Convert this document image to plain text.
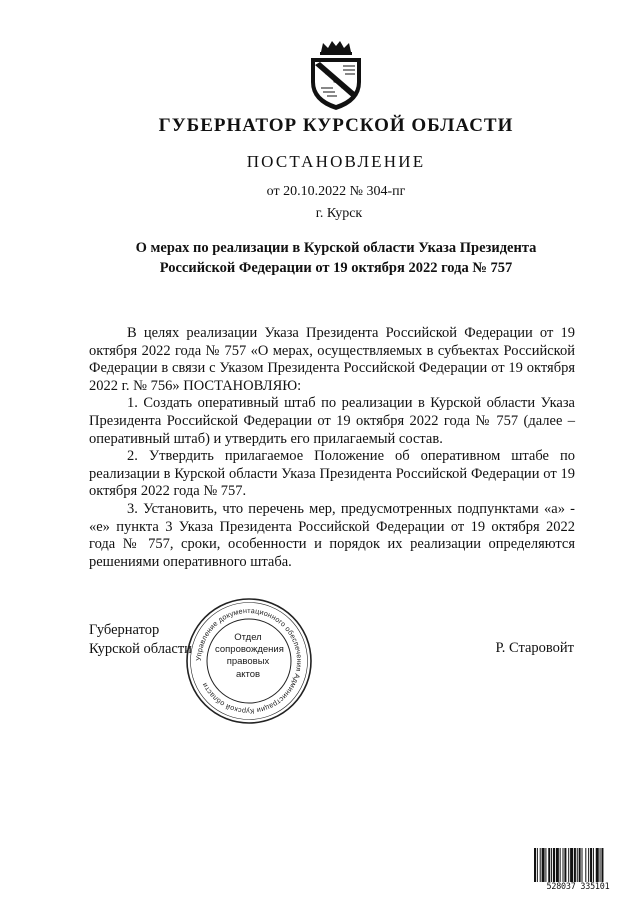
ГУБЕРНАТОР КУРСКОЙ ОБЛАСТИ
ПОСТАНОВЛЕНИЕ
от 20.10.2022 № 304-пг
г. Курск
О мерах по реализации в Курской области Указа Президента
Российской Федерации от 19 октября 2022 года № 757

В целях реализации Указа Президента Российской Федерации от 19 октября 2022 года № 757 «О мерах, осуществляемых в субъектах Российской Федерации в связи с Указом Президента Российской Федерации от 19 октября 2022 г. № 756» ПОСТАНОВЛЯЮ:

1. Создать оперативный штаб по реализации в Курской области Указа Президента Российской Федерации от 19 октября 2022 года № 757 (далее – оперативный штаб) и утвердить его прилагаемый состав.

2. Утвердить прилагаемое Положение об оперативном штабе по реализации в Курской области Указа Президента Российской Федерации от 19 октября 2022 года № 757.

3. Установить, что перечень мер, предусмотренных подпунктами «а» - «е» пункта 3 Указа Президента Российской Федерации от 19 октября 2022 года № 757, сроки, особенности и порядок их реализации определяются решениями оперативного штаба.

Губернатор
Курской области	Р. Старовойт
Управление документационного обеспечения Администрации Курской области
Отдел
сопровождения
правовых
актов
528037 335101
